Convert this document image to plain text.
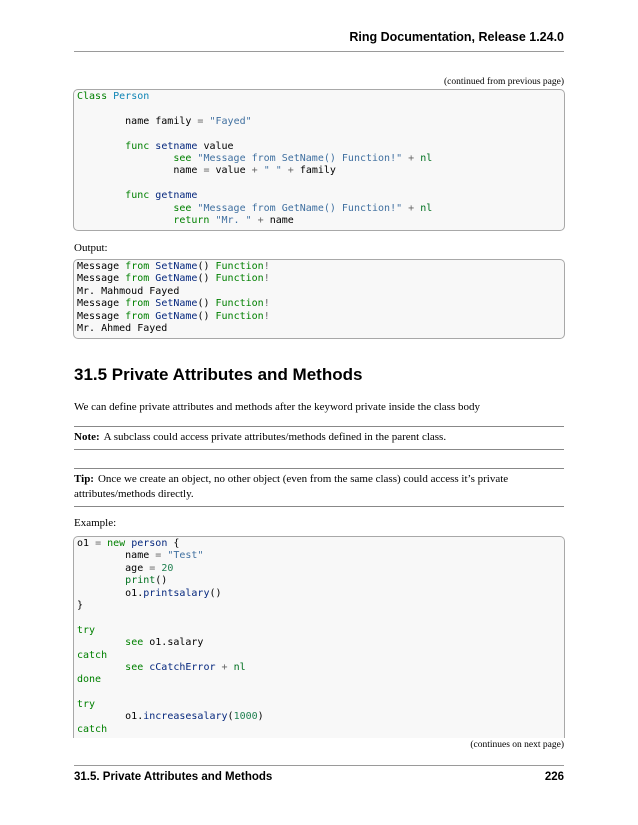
Ring Documentation, Release 1.24.0
(continued from previous page)
Class Person

name family = "Fayed"

func setname value
see "Message from SetName() Function!" + nl
name = value + " " + family

func getname
see "Message from GetName() Function!" + nl
return "Mr. " + name
Output:
Message from SetName() Function!
Message from GetName() Function!
Mr. Mahmoud Fayed
Message from SetName() Function!
Message from GetName() Function!
Mr. Ahmed Fayed
31.5 Private Attributes and Methods
We can define private attributes and methods after the keyword private inside the class body
Note: A subclass could access private attributes/methods defined in the parent class.
Tip: Once we create an object, no other object (even from the same class) could access it’s private attributes/methods directly.
Example:
o1 = new person {
name = "Test"
age = 20
print()
o1.printsalary()
}

try
see o1.salary
catch
see cCatchError + nl
done

try
o1.increasesalary(1000)
catch
(continues on next page)
31.5. Private Attributes and Methods	226
